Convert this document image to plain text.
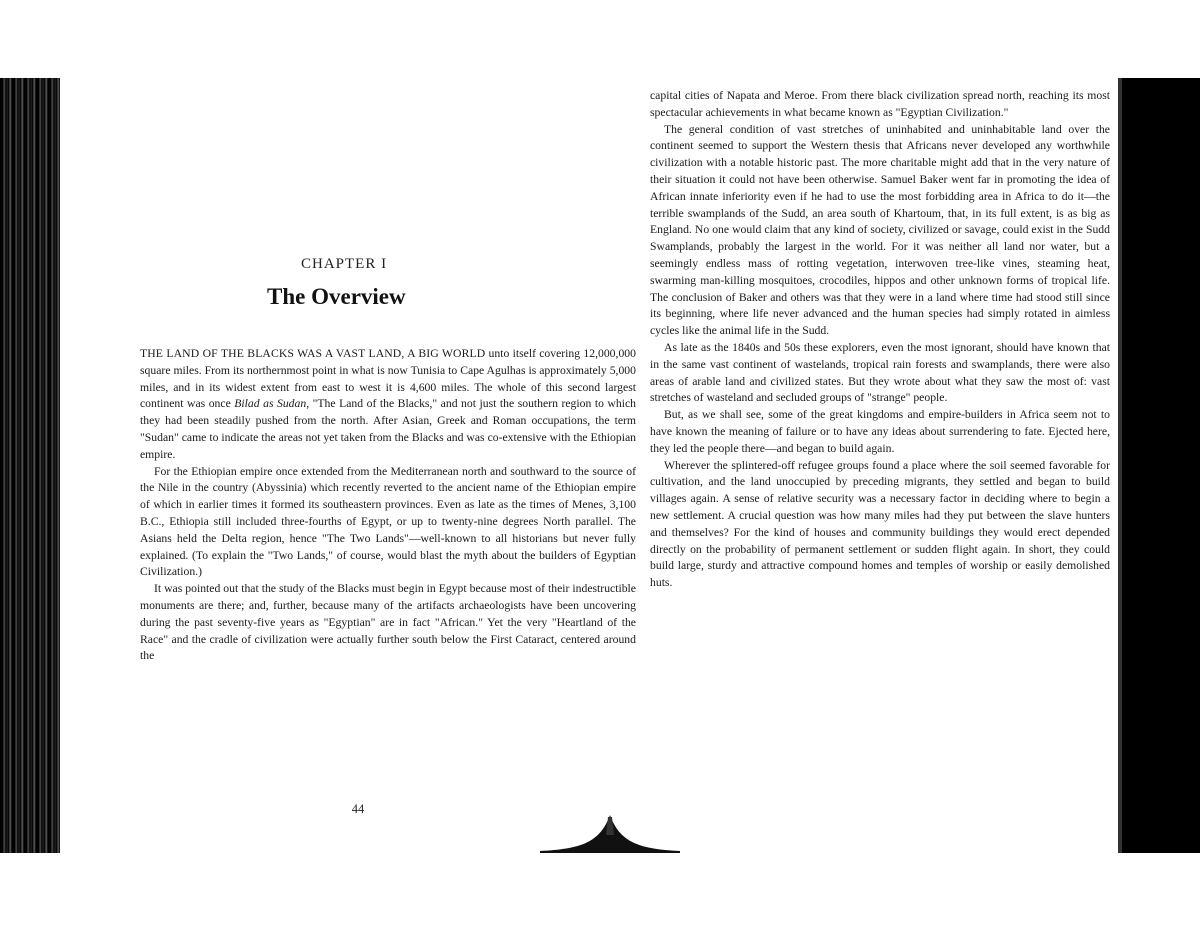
CHAPTER I
The Overview

THE LAND OF THE BLACKS WAS A VAST LAND, A BIG WORLD unto itself covering 12,000,000 square miles. From its northernmost point in what is now Tunisia to Cape Agulhas is approximately 5,000 miles, and in its widest extent from east to west it is 4,600 miles. The whole of this second largest continent was once Bilad as Sudan, "The Land of the Blacks," and not just the southern region to which they had been steadily pushed from the north. After Asian, Greek and Roman occupations, the term "Sudan" came to indicate the areas not yet taken from the Blacks and was co-extensive with the Ethiopian empire.

For the Ethiopian empire once extended from the Mediterranean north and southward to the source of the Nile in the country (Abyssinia) which recently reverted to the ancient name of the Ethiopian empire of which in earlier times it formed its southeastern provinces. Even as late as the times of Menes, 3,100 B.C., Ethiopia still included three-fourths of Egypt, or up to twenty-nine degrees North parallel. The Asians held the Delta region, hence "The Two Lands"—well-known to all historians but never fully explained. (To explain the "Two Lands," of course, would blast the myth about the builders of Egyptian Civilization.)

It was pointed out that the study of the Blacks must begin in Egypt because most of their indestructible monuments are there; and, further, because many of the artifacts archaeologists have been uncovering during the past seventy-five years as "Egyptian" are in fact "African." Yet the very "Heartland of the Race" and the cradle of civilization were actually further south below the First Cataract, centered around the

44

capital cities of Napata and Meroe. From there black civilization spread north, reaching its most spectacular achievements in what became known as "Egyptian Civilization."

The general condition of vast stretches of uninhabited and uninhabitable land over the continent seemed to support the Western thesis that Africans never developed any worthwhile civilization with a notable historic past. The more charitable might add that in the very nature of their situation it could not have been otherwise. Samuel Baker went far in promoting the idea of African innate inferiority even if he had to use the most forbidding area in Africa to do it—the terrible swamplands of the Sudd, an area south of Khartoum, that, in its full extent, is as big as England. No one would claim that any kind of society, civilized or savage, could exist in the Sudd Swamplands, probably the largest in the world. For it was neither all land nor water, but a seemingly endless mass of rotting vegetation, interwoven tree-like vines, steaming heat, swarming man-killing mosquitoes, crocodiles, hippos and other unknown forms of tropical life. The conclusion of Baker and others was that they were in a land where time had stood still since its beginning, where life never advanced and the human species had simply rotated in aimless cycles like the animal life in the Sudd.

As late as the 1840s and 50s these explorers, even the most ignorant, should have known that in the same vast continent of wastelands, tropical rain forests and swamplands, there were also areas of arable land and civilized states. But they wrote about what they saw the most of: vast stretches of wasteland and secluded groups of "strange" people.

But, as we shall see, some of the great kingdoms and empire-builders in Africa seem not to have known the meaning of failure or to have any ideas about surrendering to fate. Ejected here, they led the people there—and began to build again.

Wherever the splintered-off refugee groups found a place where the soil seemed favorable for cultivation, and the land unoccupied by preceding migrants, they settled and began to build villages again. A sense of relative security was a necessary factor in deciding where to begin a new settlement. A crucial question was how many miles had they put between the slave hunters and themselves? For the kind of houses and community buildings they would erect depended directly on the probability of permanent settlement or sudden flight again. In short, they could build large, sturdy and attractive compound homes and temples of worship or easily demolished huts.
